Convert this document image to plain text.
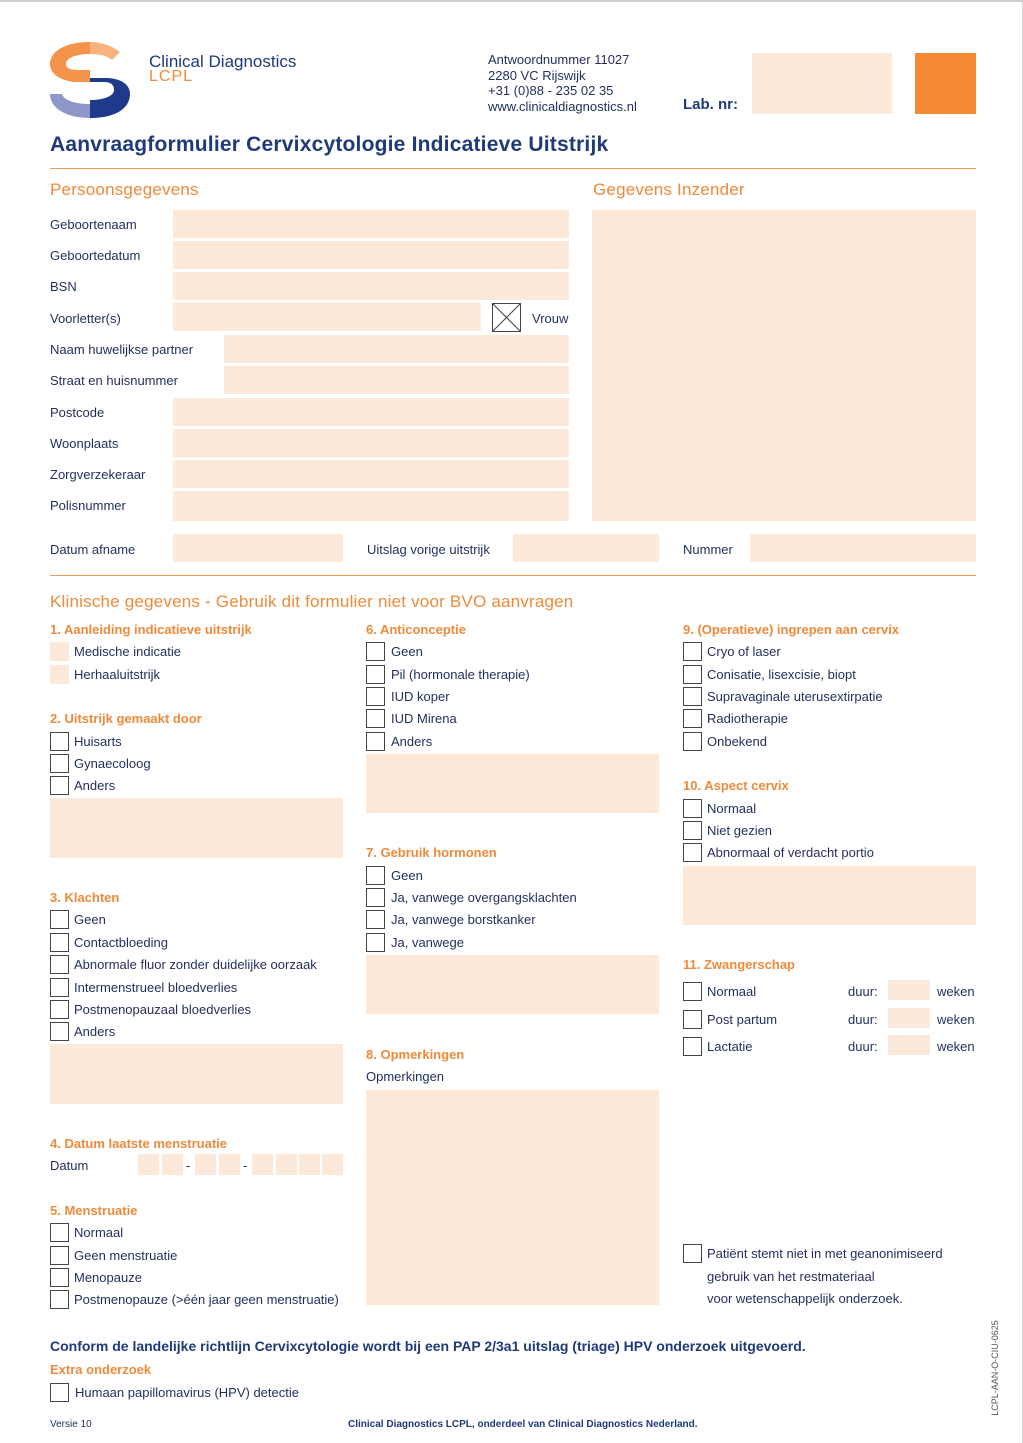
Clinical Diagnostics
LCPL
Antwoordnummer 11027
2280 VC Rijswijk
+31 (0)88 - 235 02 35
www.clinicaldiagnostics.nl	Lab. nr:
Aanvraagformulier Cervixcytologie Indicatieve Uitstrijk
Persoonsgegevens	Gegevens Inzender
Geboortenaam
Geboortedatum
BSN
Voorletter(s)	Vrouw
Naam huwelijkse partner
Straat en huisnummer
Postcode
Woonplaats
Zorgverzekeraar
Polisnummer
Datum afname	Uitslag vorige uitstrijk	Nummer
Klinische gegevens - Gebruik dit formulier niet voor BVO aanvragen
1. Aanleiding indicatieve uitstrijk
Medische indicatie
Herhaaluitstrijk
2. Uitstrijk gemaakt door
Huisarts
Gynaecoloog
Anders
3. Klachten
Geen
Contactbloeding
Abnormale fluor zonder duidelijke oorzaak
Intermenstrueel bloedverlies
Postmenopauzaal bloedverlies
Anders
4. Datum laatste menstruatie
Datum	-	-
5. Menstruatie
Normaal
Geen menstruatie
Menopauze
Postmenopauze (>één jaar geen menstruatie)
6. Anticonceptie
Geen
Pil (hormonale therapie)
IUD koper
IUD Mirena
Anders
7. Gebruik hormonen
Geen
Ja, vanwege overgangsklachten
Ja, vanwege borstkanker
Ja, vanwege
8. Opmerkingen
Opmerkingen
9. (Operatieve) ingrepen aan cervix
Cryo of laser
Conisatie, lisexcisie, biopt
Supravaginale uterusextirpatie
Radiotherapie
Onbekend
10. Aspect cervix
Normaal
Niet gezien
Abnormaal of verdacht portio
11. Zwangerschap
Normaal	duur:	weken
Post partum	duur:	weken
Lactatie	duur:	weken
Patiënt stemt niet in met geanonimiseerd
gebruik van het restmateriaal
voor wetenschappelijk onderzoek.
Conform de landelijke richtlijn Cervixcytologie wordt bij een PAP 2/3a1 uitslag (triage) HPV onderzoek uitgevoerd.
Extra onderzoek
Humaan papillomavirus (HPV) detectie
Versie 10	Clinical Diagnostics LCPL, onderdeel van Clinical Diagnostics Nederland.
LCPL-AAN-O-CIU-0625
